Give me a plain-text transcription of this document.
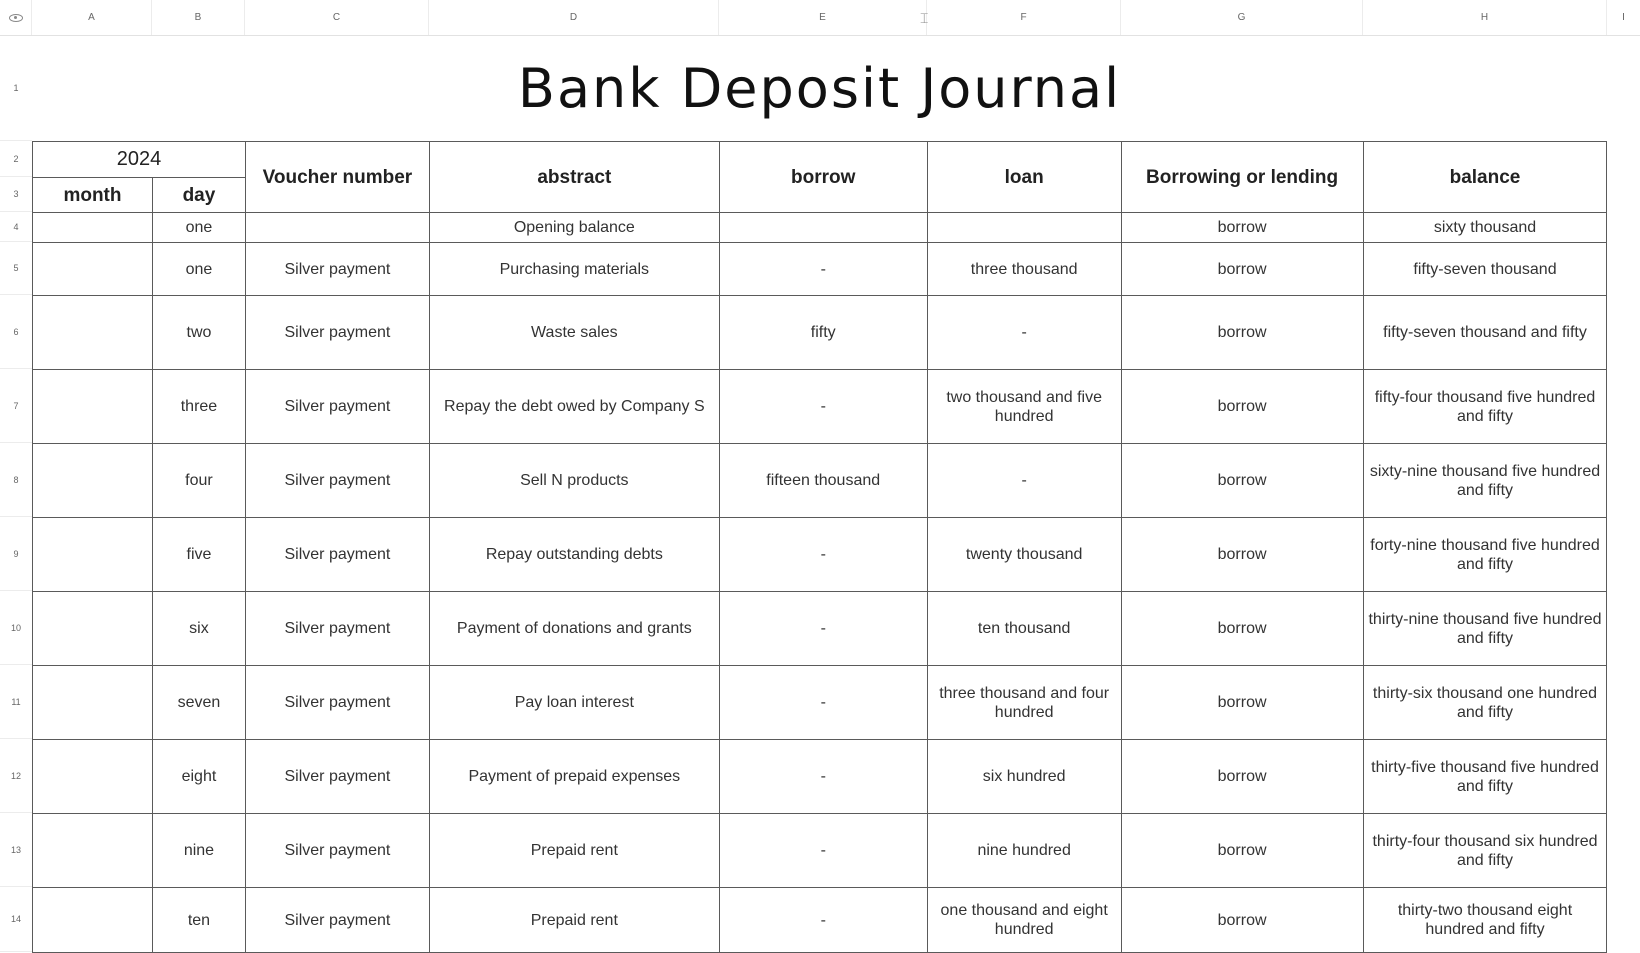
A	B	C	D	E	F	G	H	I
⌶
1
2
3
4
5
6
7
8
9
10
11
12
13
14
Bank Deposit Journal
2024		Voucher number	abstract	borrow	loan	Borrowing or lending	balance	
month	day							
	one		Opening balance			borrow	sixty thousand	
	one	Silver payment	Purchasing materials	-	three thousand	borrow	fifty-seven thousand	
	two	Silver payment	Waste sales	fifty	-	borrow	fifty-seven thousand and fifty	
	three	Silver payment	Repay the debt owed by Company S	-	two thousand and five hundred	borrow	fifty-four thousand five hundred and fifty	
	four	Silver payment	Sell N products	fifteen thousand	-	borrow	sixty-nine thousand five hundred and fifty	
	five	Silver payment	Repay outstanding debts	-	twenty thousand	borrow	forty-nine thousand five hundred and fifty	
	six	Silver payment	Payment of donations and grants	-	ten thousand	borrow	thirty-nine thousand five hundred and fifty	
	seven	Silver payment	Pay loan interest	-	three thousand and four hundred	borrow	thirty-six thousand one hundred and fifty	
	eight	Silver payment	Payment of prepaid expenses	-	six hundred	borrow	thirty-five thousand five hundred and fifty	
	nine	Silver payment	Prepaid rent	-	nine hundred	borrow	thirty-four thousand six hundred and fifty	
	ten	Silver payment	Prepaid rent	-	one thousand and eight hundred	borrow	thirty-two thousand eight hundred and fifty	
